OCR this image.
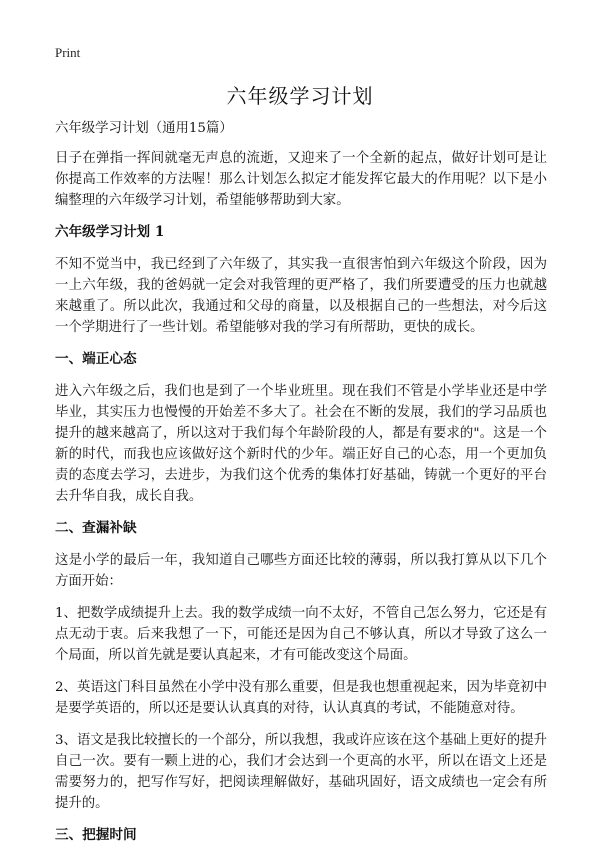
Print
六年级学习计划

六年级学习计划（通用15篇）

日子在弹指一挥间就毫无声息的流逝，又迎来了一个全新的起点，做好计划可是让你提高工作效率的方法喔！那么计划怎么拟定才能发挥它最大的作用呢？以下是小编整理的六年级学习计划，希望能够帮助到大家。

六年级学习计划 1

不知不觉当中，我已经到了六年级了，其实我一直很害怕到六年级这个阶段，因为一上六年级，我的爸妈就一定会对我管理的更严格了，我们所要遭受的压力也就越来越重了。所以此次，我通过和父母的商量，以及根据自己的一些想法，对今后这一个学期进行了一些计划。希望能够对我的学习有所帮助，更快的成长。

一、端正心态

进入六年级之后，我们也是到了一个毕业班里。现在我们不管是小学毕业还是中学毕业，其实压力也慢慢的开始差不多大了。社会在不断的发展，我们的学习品质也提升的越来越高了，所以这对于我们每个年龄阶段的人，都是有要求的"。这是一个新的时代，而我也应该做好这个新时代的少年。端正好自己的心态，用一个更加负责的态度去学习，去进步，为我们这个优秀的集体打好基础，铸就一个更好的平台去升华自我，成长自我。

二、查漏补缺

这是小学的最后一年，我知道自己哪些方面还比较的薄弱，所以我打算从以下几个方面开始：

1、把数学成绩提升上去。我的数学成绩一向不太好，不管自己怎么努力，它还是有点无动于衷。后来我想了一下，可能还是因为自己不够认真，所以才导致了这么一个局面，所以首先就是要认真起来，才有可能改变这个局面。

2、英语这门科目虽然在小学中没有那么重要，但是我也想重视起来，因为毕竟初中是要学英语的，所以还是要认认真真的对待，认认真真的考试，不能随意对待。

3、语文是我比较擅长的一个部分，所以我想，我或许应该在这个基础上更好的提升自己一次。要有一颗上进的心，我们才会达到一个更高的水平，所以在语文上还是需要努力的，把写作写好，把阅读理解做好，基础巩固好，语文成绩也一定会有所提升的。

三、把握时间
